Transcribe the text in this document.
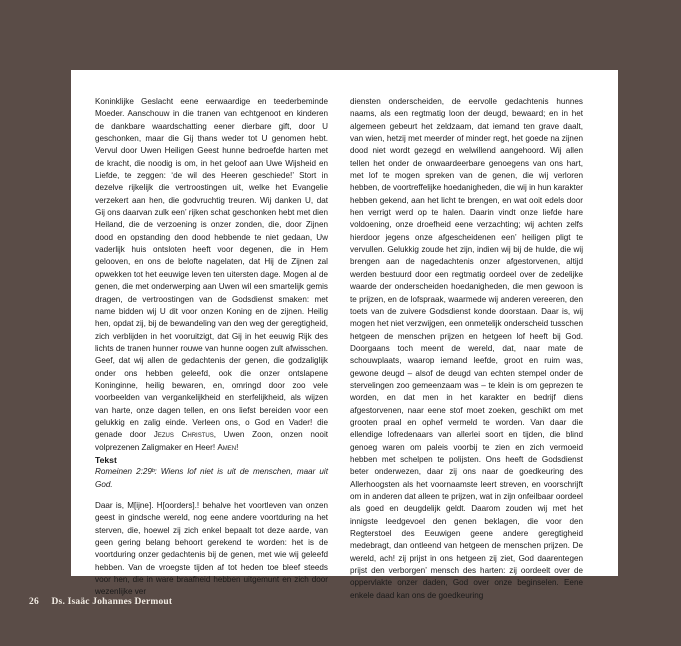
Koninklijke Geslacht eene eerwaardige en teederbeminde Moeder. Aanschouw in die tranen van echtgenoot en kinderen de dankbare waardschatting eener dierbare gift, door U geschonken, maar die Gij thans weder tot U genomen hebt. Vervul door Uwen Heiligen Geest hunne bedroefde harten met de kracht, die noodig is om, in het geloof aan Uwe Wijsheid en Liefde, te zeggen: ‘de wil des Heeren geschiede!’ Stort in dezelve rijkelijk die vertroostingen uit, welke het Evangelie verzekert aan hen, die godvruchtig treuren. Wij danken U, dat Gij ons daarvan zulk een’ rijken schat geschonken hebt met dien Heiland, die de verzoening is onzer zonden, die, door Zijnen dood en opstanding den dood hebbende te niet gedaan, Uw vaderlijk huis ontsloten heeft voor degenen, die in Hem gelooven, en ons de belofte nagelaten, dat Hij de Zijnen zal opwekken tot het eeuwige leven ten uitersten dage. Mogen al de genen, die met onderwerping aan Uwen wil een smartelijk gemis dragen, de vertroostingen van de Godsdienst smaken: met name bidden wij U dit voor onzen Koning en de zijnen. Heilig hen, opdat zij, bij de bewandeling van den weg der geregtigheid, zich verblijden in het vooruitzigt, dat Gij in het eeuwig Rijk des lichts de tranen hunner rouwe van hunne oogen zult afwisschen. Geef, dat wij allen de gedachtenis der genen, die godzaliglijk onder ons hebben geleefd, ook die onzer ontslapene Koninginne, heilig bewaren, en, omringd door zoo vele voorbeelden van vergankelijkheid en sterfelijkheid, als wijzen van harte, onze dagen tellen, en ons liefst bereiden voor een gelukkig en zalig einde. Verleen ons, o God en Vader! die genade door Jezus Christus, Uwen Zoon, onzen nooit volprezenen Zaligmaker en Heer! Amen!

Tekst

Romeinen 2:29ᵇ: Wiens lof niet is uit de menschen, maar uit God.

Daar is, M[ijne]. H[oorders].! behalve het voortleven van onzen geest in gindsche wereld, nog eene andere voortduring na het sterven, die, hoewel zij zich enkel bepaalt tot deze aarde, van geen gering belang behoort gerekend te worden: het is de voortduring onzer gedachtenis bij de genen, met wie wij geleefd hebben. Van de vroegste tijden af tot heden toe bleef steeds voor hen, die in ware braafheid hebben uitgemunt en zich door wezenlijke ver

diensten onderscheiden, de eervolle gedachtenis hunnes naams, als een regtmatig loon der deugd, bewaard; en in het algemeen gebeurt het zeldzaam, dat iemand ten grave daalt, van wien, hetzij met meerder of minder regt, het goede na zijnen dood niet wordt gezegd en welwillend aangehoord. Wij allen tellen het onder de onwaardeerbare genoegens van ons hart, met lof te mogen spreken van de genen, die wij verloren hebben, de voortreffelijke hoedanigheden, die wij in hun karakter hebben gekend, aan het licht te brengen, en wat ooit edels door hen verrigt werd op te halen. Daarin vindt onze liefde hare voldoening, onze droefheid eene verzachting; wij achten zelfs hierdoor jegens onze afgescheidenen een’ heiligen pligt te vervullen. Gelukkig zoude het zijn, indien wij bij de hulde, die wij brengen aan de nagedachtenis onzer afgestorvenen, altijd werden bestuurd door een regtmatig oordeel over de zedelijke waarde der onderscheiden hoedanigheden, die men gewoon is te prijzen, en de lofspraak, waarmede wij anderen vereeren, den toets van de zuivere Godsdienst konde doorstaan. Daar is, wij mogen het niet verzwijgen, een onmetelijk onderscheid tusschen hetgeen de menschen prijzen en hetgeen lof heeft bij God. Doorgaans toch meent de wereld, dat, naar mate de schouwplaats, waarop iemand leefde, groot en ruim was, gewone deugd – alsof de deugd van echten stempel onder de stervelingen zoo gemeenzaam was – te klein is om geprezen te worden, en dat men in het karakter en bedrijf diens afgestorvenen, naar eene stof moet zoeken, geschikt om met grooten praal en ophef vermeld te worden. Van daar die ellendige lofredenaars van allerlei soort en tijden, die blind genoeg waren om paleis voorbij te zien en zich vermoeid hebben met schelpen te polijsten. Ons heeft de Godsdienst beter onderwezen, daar zij ons naar de goedkeuring des Allerhoogsten als het voornaamste leert streven, en voorschrijft om in anderen dat alleen te prijzen, wat in zijn onfeilbaar oordeel als goed en deugdelijk geldt. Daarom zouden wij met het innigste leedgevoel den genen beklagen, die voor den Regterstoel des Eeuwigen geene andere geregtigheid medebragt, dan ontleend van hetgeen de menschen prijzen. De wereld, ach! zij prijst in ons hetgeen zij ziet, God daarentegen prijst den verborgen’ mensch des harten: zij oordeelt over de oppervlakte onzer daden, God over onze beginselen. Eene enkele daad kan ons de goedkeuring

26 Ds. Isaäc Johannes Dermout
